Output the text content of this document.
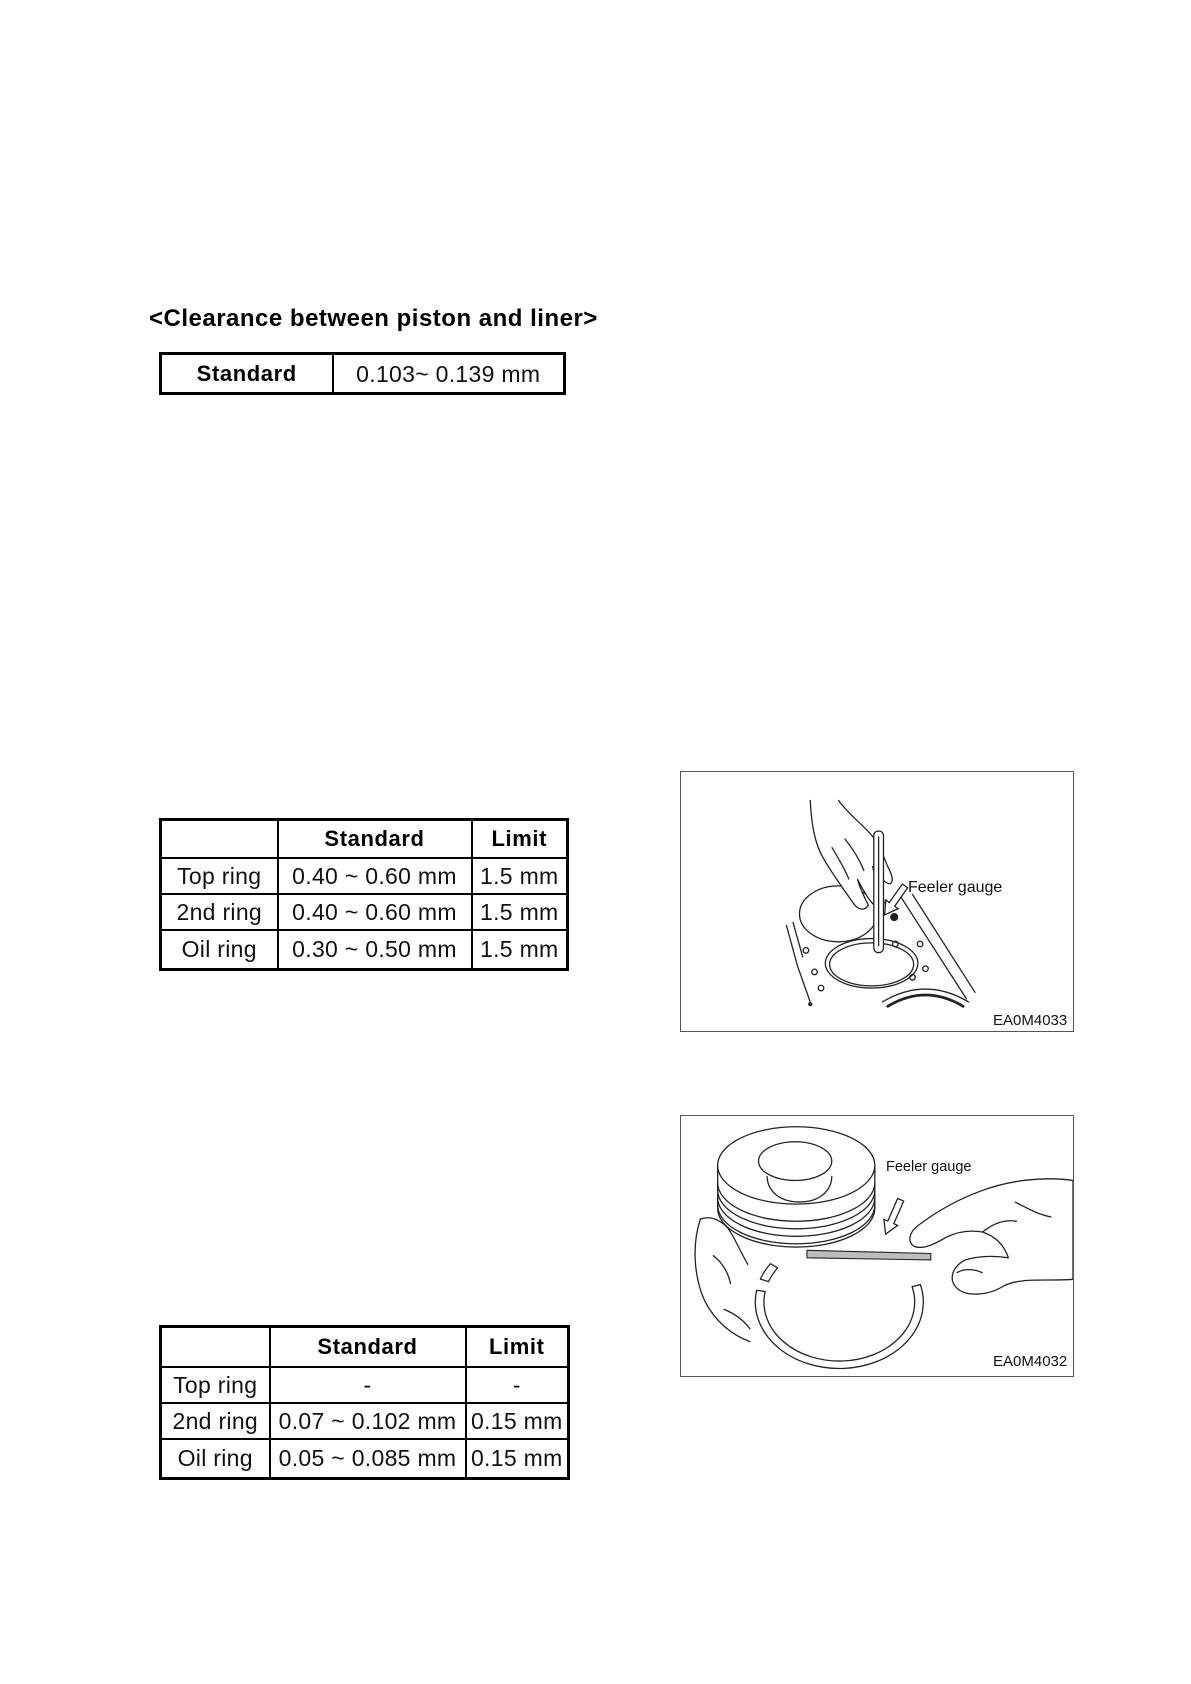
<Clearance between piston and liner>
Standard	0.103~ 0.139 mm
	Standard	Limit
Top ring	0.40 ~ 0.60 mm	1.5 mm
2nd ring	0.40 ~ 0.60 mm	1.5 mm
Oil ring	0.30 ~ 0.50 mm	1.5 mm
Feeler gauge
EA0M4033
Feeler gauge
EA0M4032
	Standard	Limit
Top ring	-	-
2nd ring	0.07 ~ 0.102 mm	0.15 mm
Oil ring	0.05 ~ 0.085 mm	0.15 mm
